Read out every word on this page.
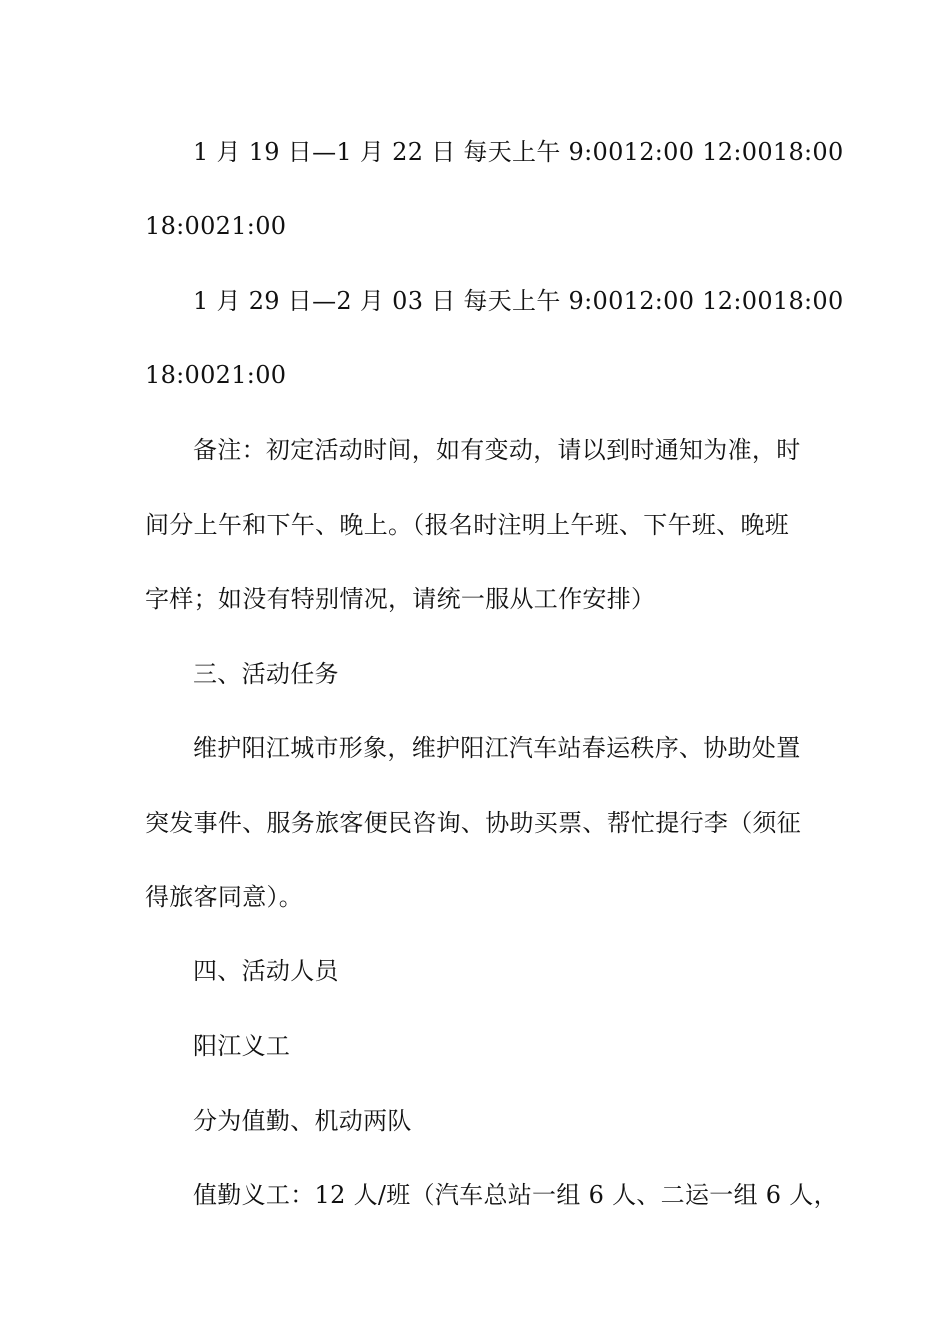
1 月 19 日—1 月 22 日 每天上午 9:0012:00 12:0018:00
18:0021:00
1 月 29 日—2 月 03 日 每天上午 9:0012:00 12:0018:00
18:0021:00
备注：初定活动时间，如有变动，请以到时通知为准，时
间分上午和下午、晚上。（报名时注明上午班、下午班、晚班
字样；如没有特别情况，请统一服从工作安排）
三、活动任务
维护阳江城市形象，维护阳江汽车站春运秩序、协助处置
突发事件、服务旅客便民咨询、协助买票、帮忙提行李（须征
得旅客同意）。
四、活动人员
阳江义工
分为值勤、机动两队
值勤义工：12 人/班（汽车总站一组 6 人、二运一组 6 人，
